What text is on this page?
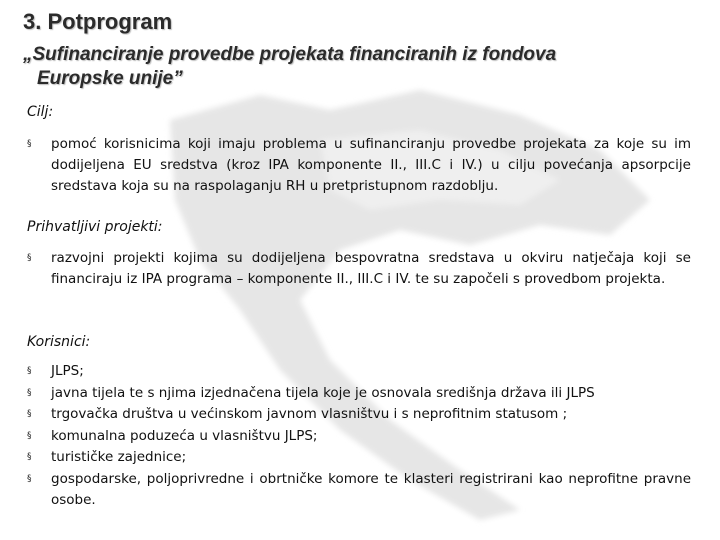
3. Potprogram
„Sufinanciranje provedbe projekata financiranih iz fondova
Europske unije”
Cilj:
§	pomoć korisnicima koji imaju problema u sufinanciranju provedbe projekata za koje su im dodijeljena EU sredstva (kroz IPA komponente II., III.C i IV.) u cilju povećanja apsorpcije sredstava koja su na raspolaganju RH u pretpristupnom razdoblju.
Prihvatljivi projekti:
§	razvojni projekti kojima su dodijeljena bespovratna sredstava u okviru natječaja koji se financiraju iz IPA programa – komponente II., III.C i IV. te su započeli s provedbom projekta.
Korisnici:
§	JLPS;
§	javna tijela te s njima izjednačena tijela koje je osnovala središnja država ili JLPS
§	trgovačka društva u većinskom javnom vlasništvu i s neprofitnim statusom ;
§	komunalna poduzeća u vlasništvu JLPS;
§	turističke zajednice;
§	gospodarske, poljoprivredne i obrtničke komore te klasteri registrirani kao neprofitne pravne osobe.
